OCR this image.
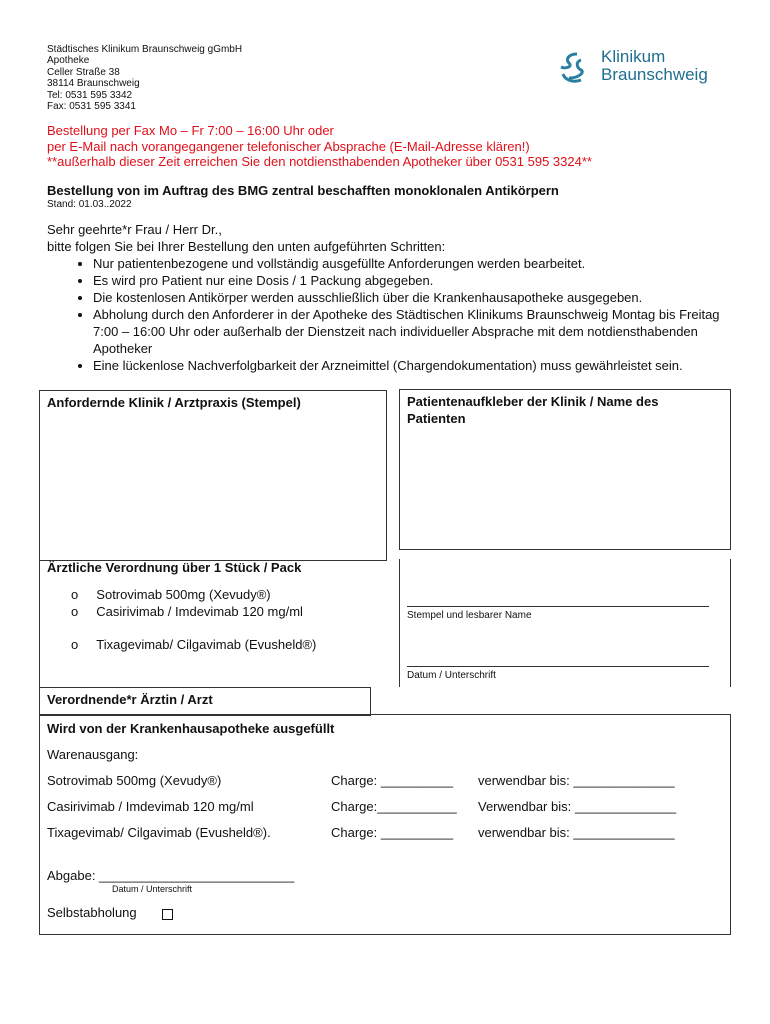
Städtisches Klinikum Braunschweig gGmbH
Apotheke
Celler Straße 38
38114 Braunschweig
Tel: 0531 595 3342
Fax: 0531 595 3341
Klinikum
Braunschweig
Bestellung per Fax Mo – Fr 7:00 – 16:00 Uhr oder
per E-Mail nach vorangegangener telefonischer Absprache (E-Mail-Adresse klären!)
**außerhalb dieser Zeit erreichen Sie den notdiensthabenden Apotheker über 0531 595 3324**
Bestellung von im Auftrag des BMG zentral beschafften monoklonalen Antikörpern
Stand: 01.03..2022
Sehr geehrte*r Frau / Herr Dr.,
bitte folgen Sie bei Ihrer Bestellung den unten aufgeführten Schritten:
• Nur patientenbezogene und vollständig ausgefüllte Anforderungen werden bearbeitet.
• Es wird pro Patient nur eine Dosis / 1 Packung abgegeben.
• Die kostenlosen Antikörper werden ausschließlich über die Krankenhausapotheke ausgegeben.
• Abholung durch den Anforderer in der Apotheke des Städtischen Klinikums Braunschweig Montag bis Freitag 7:00 – 16:00 Uhr oder außerhalb der Dienstzeit nach individueller Absprache mit dem notdiensthabenden Apotheker
• Eine lückenlose Nachverfolgbarkeit der Arzneimittel (Chargendokumentation) muss gewährleistet sein.
Anfordernde Klinik / Arztpraxis (Stempel)	Patientenaufkleber der Klinik / Name des Patienten
Ärztliche Verordnung über 1 Stück / Pack
o     Sotrovimab 500mg (Xevudy®)
o     Casirivimab / Imdevimab 120 mg/ml
o     Tixagevimab/ Cilgavimab (Evusheld®)
Stempel und lesbarer Name
Datum / Unterschrift
Verordnende*r Ärztin / Arzt
Wird von der Krankenhausapotheke ausgefüllt
Warenausgang:
Sotrovimab 500mg (Xevudy®)	Charge: __________ verwendbar bis: ______________
Casirivimab / Imdevimab 120 mg/ml	Charge:___________ Verwendbar bis: ______________
Tixagevimab/ Cilgavimab (Evusheld®).	Charge: __________ verwendbar bis: ______________
Abgabe: ___________________________
Datum / Unterschrift
Selbstabholung
